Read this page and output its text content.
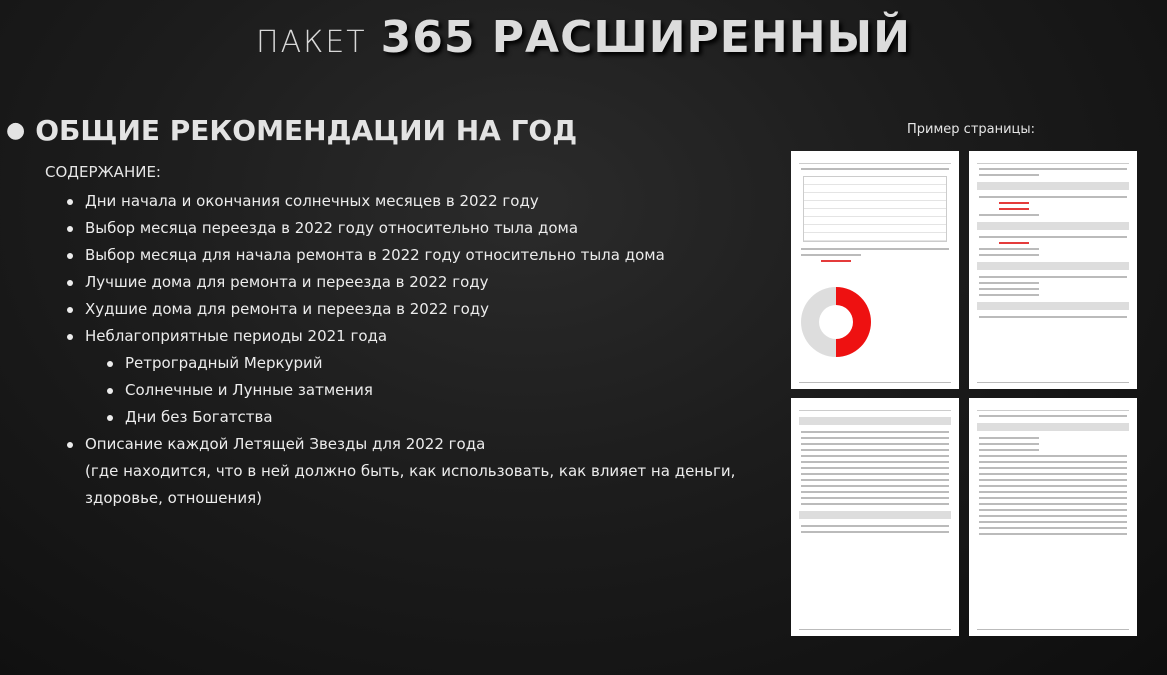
ПАКЕТ 365 РАСШИРЕННЫЙ
● ОБЩИЕ РЕКОМЕНДАЦИИ НА ГОД
СОДЕРЖАНИЕ:
Дни начала и окончания солнечных месяцев в 2022 году
Выбор месяца переезда в 2022 году относительно тыла дома
Выбор месяца для начала ремонта в 2022 году относительно тыла дома
Лучшие дома для ремонта и переезда в 2022 году
Худшие дома для ремонта и переезда в 2022 году
Неблагоприятные периоды 2021 года
Ретроградный Меркурий
Солнечные и Лунные затмения
Дни без Богатства
Описание каждой Летящей Звезды для 2022 года
(где находится, что в ней должно быть, как использовать, как влияет на деньги, здоровье, отношения)
Пример страницы:
